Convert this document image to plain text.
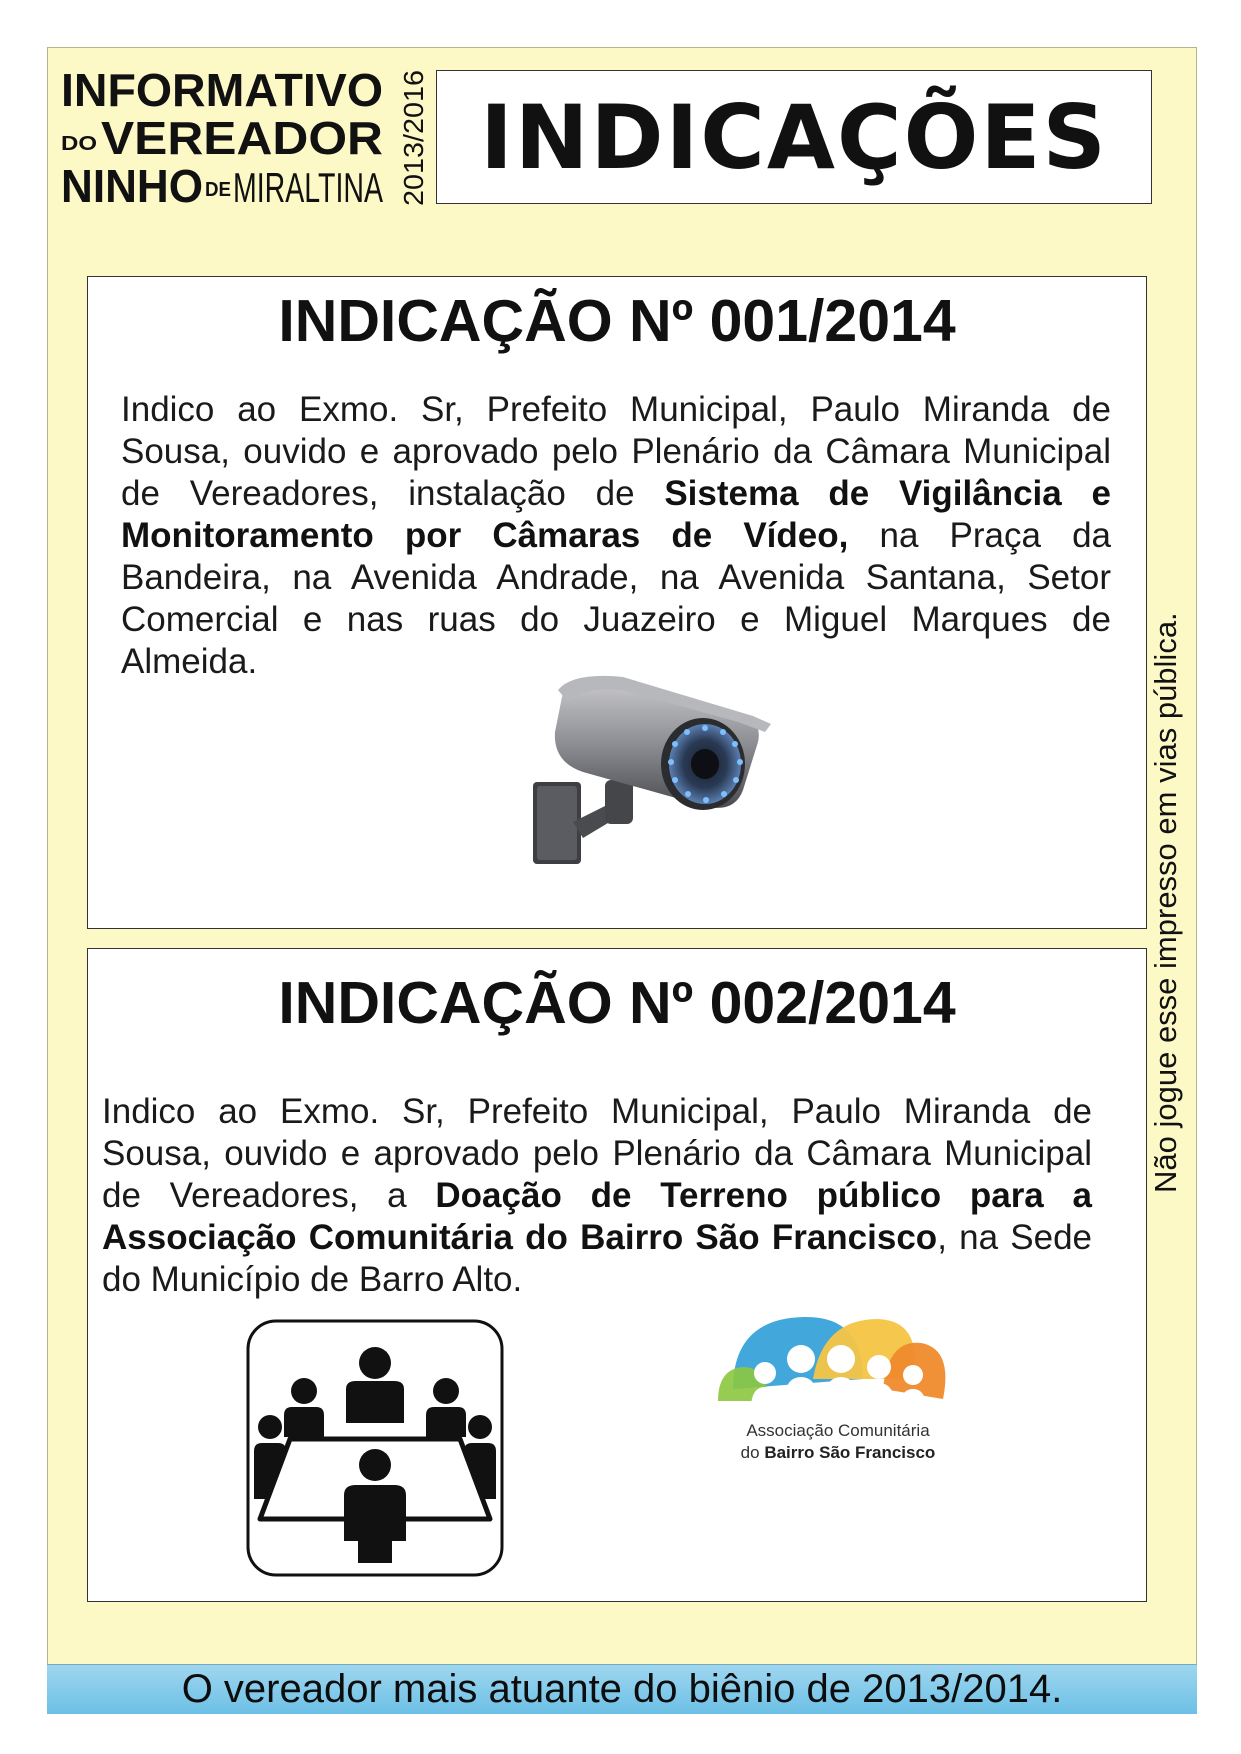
INFORMATIVO
DO VEREADOR
NINHO DE MIRALTINA 2013/2016 INDICAÇÕES
INDICAÇÃO Nº 001/2014

Indico ao Exmo. Sr, Prefeito Municipal, Paulo Miranda de Sousa, ouvido e aprovado pelo Plenário da Câmara Municipal de Vereadores, instalação de Sistema de Vigilância e Monitoramento por Câmaras de Vídeo, na Praça da Bandeira, na Avenida Andrade, na Avenida Santana, Setor Comercial e nas ruas do Juazeiro e Miguel Marques de Almeida.

INDICAÇÃO Nº 002/2014

Indico ao Exmo. Sr, Prefeito Municipal, Paulo Miranda de Sousa, ouvido e aprovado pelo Plenário da Câmara Municipal de Vereadores, a Doação de Terreno público para a Associação Comunitária do Bairro São Francisco, na Sede do Município de Barro Alto.

Associação Comunitária
do Bairro São Francisco
Não jogue esse impresso em vias pública.
O vereador mais atuante do biênio de 2013/2014.
